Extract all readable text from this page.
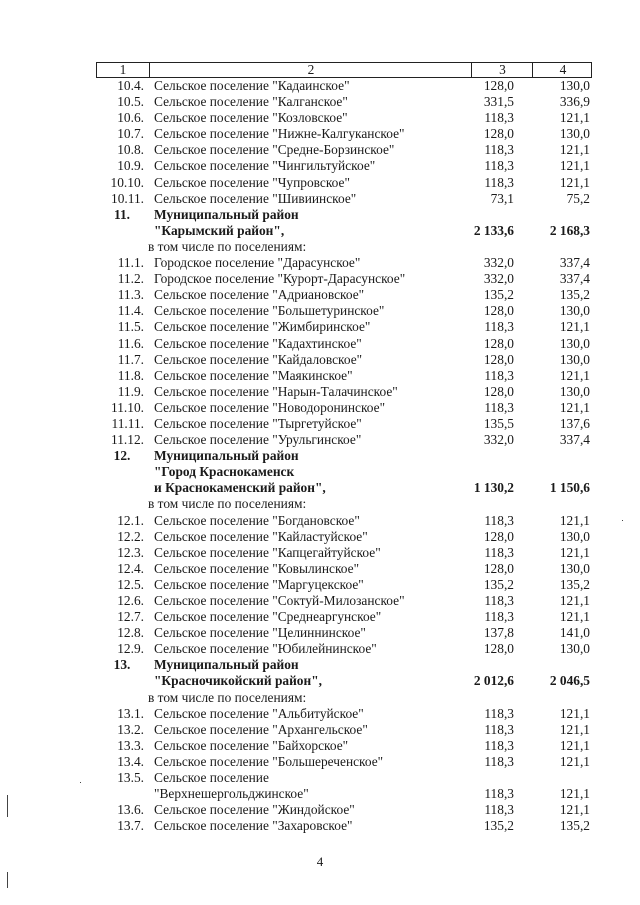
1	2	3	4
10.4. Сельское поселение "Кадаинское"	128,0	130,0
10.5. Сельское поселение "Калганское"	331,5	336,9
10.6. Сельское поселение "Козловское"	118,3	121,1
10.7. Сельское поселение "Нижне-Калгуканское"	128,0	130,0
10.8. Сельское поселение "Средне-Борзинское"	118,3	121,1
10.9. Сельское поселение "Чингильтуйское"	118,3	121,1
10.10. Сельское поселение "Чупровское"	118,3	121,1
10.11. Сельское поселение "Шивиинское"	73,1	75,2
11.	Муниципальный район
"Карымский район",	2 133,6	2 168,3
в том числе по поселениям:
11.1. Городское поселение "Дарасунское"	332,0	337,4
11.2. Городское поселение "Курорт-Дарасунское"	332,0	337,4
11.3. Сельское поселение "Адриановское"	135,2	135,2
11.4. Сельское поселение "Большетуринское"	128,0	130,0
11.5. Сельское поселение "Жимбиринское"	118,3	121,1
11.6. Сельское поселение "Кадахтинское"	128,0	130,0
11.7. Сельское поселение "Кайдаловское"	128,0	130,0
11.8. Сельское поселение "Маякинское"	118,3	121,1
11.9. Сельское поселение "Нарын-Талачинское"	128,0	130,0
11.10. Сельское поселение "Новодоронинское"	118,3	121,1
11.11. Сельское поселение "Тыргетуйское"	135,5	137,6
11.12. Сельское поселение "Урульгинское"	332,0	337,4
12.	Муниципальный район
"Город Краснокаменск
и Краснокаменский район",	1 130,2	1 150,6
в том числе по поселениям:
12.1. Сельское поселение "Богдановское"	118,3	121,1
12.2. Сельское поселение "Кайластуйское"	128,0	130,0
12.3. Сельское поселение "Капцегайтуйское"	118,3	121,1
12.4. Сельское поселение "Ковылинское"	128,0	130,0
12.5. Сельское поселение "Маргуцекское"	135,2	135,2
12.6. Сельское поселение "Соктуй-Милозанское"	118,3	121,1
12.7. Сельское поселение "Среднеаргунское"	118,3	121,1
12.8. Сельское поселение "Целиннинское"	137,8	141,0
12.9. Сельское поселение "Юбилейнинское"	128,0	130,0
13.	Муниципальный район
"Красночикойский район",	2 012,6	2 046,5
в том числе по поселениям:
13.1. Сельское поселение "Альбитуйское"	118,3	121,1
13.2. Сельское поселение "Архангельское"	118,3	121,1
13.3. Сельское поселение "Байхорское"	118,3	121,1
13.4. Сельское поселение "Большереченское"	118,3	121,1
13.5. Сельское поселение
"Верхнешергольджинское"	118,3	121,1
13.6. Сельское поселение "Жиндойское"	118,3	121,1
13.7. Сельское поселение "Захаровское"	135,2	135,2
4
